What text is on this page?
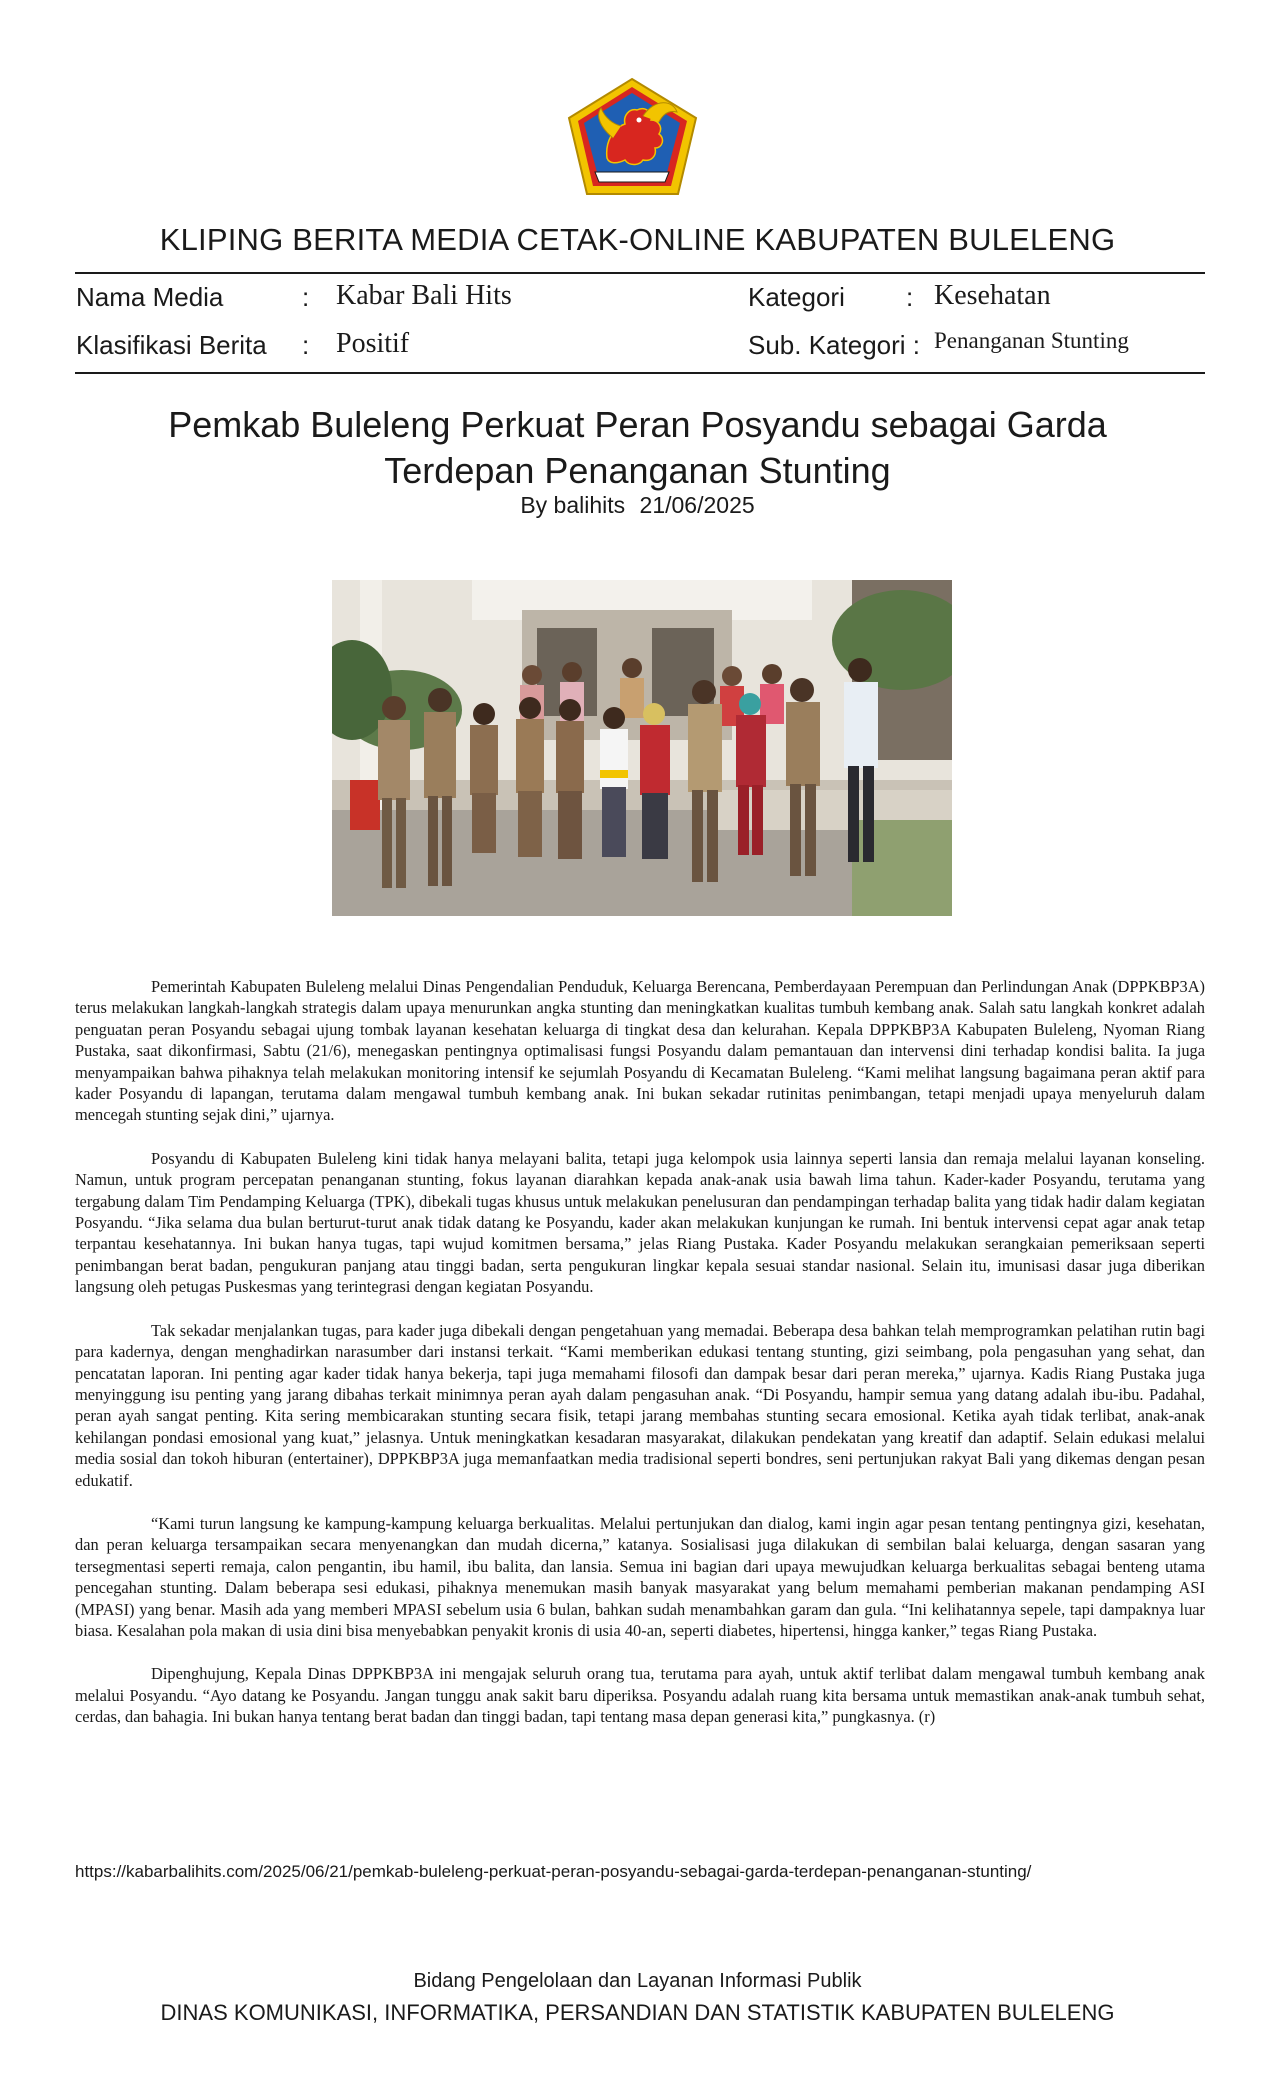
KLIPING BERITA MEDIA CETAK-ONLINE KABUPATEN BULELENG
Nama Media	: Kabar Bali Hits	Kategori : Kesehatan
Klasifikasi Berita : Positif	Sub. Kategori : Penanganan Stunting
Pemkab Buleleng Perkuat Peran Posyandu sebagai Garda Terdepan Penanganan Stunting
By balihits 21/06/2025

Pemerintah Kabupaten Buleleng melalui Dinas Pengendalian Penduduk, Keluarga Berencana, Pemberdayaan Perempuan dan Perlindungan Anak (DPPKBP3A) terus melakukan langkah-langkah strategis dalam upaya menurunkan angka stunting dan meningkatkan kualitas tumbuh kembang anak. Salah satu langkah konkret adalah penguatan peran Posyandu sebagai ujung tombak layanan kesehatan keluarga di tingkat desa dan kelurahan. Kepala DPPKBP3A Kabupaten Buleleng, Nyoman Riang Pustaka, saat dikonfirmasi, Sabtu (21/6), menegaskan pentingnya optimalisasi fungsi Posyandu dalam pemantauan dan intervensi dini terhadap kondisi balita. Ia juga menyampaikan bahwa pihaknya telah melakukan monitoring intensif ke sejumlah Posyandu di Kecamatan Buleleng. “Kami melihat langsung bagaimana peran aktif para kader Posyandu di lapangan, terutama dalam mengawal tumbuh kembang anak. Ini bukan sekadar rutinitas penimbangan, tetapi menjadi upaya menyeluruh dalam mencegah stunting sejak dini,” ujarnya.

Posyandu di Kabupaten Buleleng kini tidak hanya melayani balita, tetapi juga kelompok usia lainnya seperti lansia dan remaja melalui layanan konseling. Namun, untuk program percepatan penanganan stunting, fokus layanan diarahkan kepada anak-anak usia bawah lima tahun. Kader-kader Posyandu, terutama yang tergabung dalam Tim Pendamping Keluarga (TPK), dibekali tugas khusus untuk melakukan penelusuran dan pendampingan terhadap balita yang tidak hadir dalam kegiatan Posyandu. “Jika selama dua bulan berturut-turut anak tidak datang ke Posyandu, kader akan melakukan kunjungan ke rumah. Ini bentuk intervensi cepat agar anak tetap terpantau kesehatannya. Ini bukan hanya tugas, tapi wujud komitmen bersama,” jelas Riang Pustaka. Kader Posyandu melakukan serangkaian pemeriksaan seperti penimbangan berat badan, pengukuran panjang atau tinggi badan, serta pengukuran lingkar kepala sesuai standar nasional. Selain itu, imunisasi dasar juga diberikan langsung oleh petugas Puskesmas yang terintegrasi dengan kegiatan Posyandu.

Tak sekadar menjalankan tugas, para kader juga dibekali dengan pengetahuan yang memadai. Beberapa desa bahkan telah memprogramkan pelatihan rutin bagi para kadernya, dengan menghadirkan narasumber dari instansi terkait. “Kami memberikan edukasi tentang stunting, gizi seimbang, pola pengasuhan yang sehat, dan pencatatan laporan. Ini penting agar kader tidak hanya bekerja, tapi juga memahami filosofi dan dampak besar dari peran mereka,” ujarnya. Kadis Riang Pustaka juga menyinggung isu penting yang jarang dibahas terkait minimnya peran ayah dalam pengasuhan anak. “Di Posyandu, hampir semua yang datang adalah ibu-ibu. Padahal, peran ayah sangat penting. Kita sering membicarakan stunting secara fisik, tetapi jarang membahas stunting secara emosional. Ketika ayah tidak terlibat, anak-anak kehilangan pondasi emosional yang kuat,” jelasnya. Untuk meningkatkan kesadaran masyarakat, dilakukan pendekatan yang kreatif dan adaptif. Selain edukasi melalui media sosial dan tokoh hiburan (entertainer), DPPKBP3A juga memanfaatkan media tradisional seperti bondres, seni pertunjukan rakyat Bali yang dikemas dengan pesan edukatif.

“Kami turun langsung ke kampung-kampung keluarga berkualitas. Melalui pertunjukan dan dialog, kami ingin agar pesan tentang pentingnya gizi, kesehatan, dan peran keluarga tersampaikan secara menyenangkan dan mudah dicerna,” katanya. Sosialisasi juga dilakukan di sembilan balai keluarga, dengan sasaran yang tersegmentasi seperti remaja, calon pengantin, ibu hamil, ibu balita, dan lansia. Semua ini bagian dari upaya mewujudkan keluarga berkualitas sebagai benteng utama pencegahan stunting. Dalam beberapa sesi edukasi, pihaknya menemukan masih banyak masyarakat yang belum memahami pemberian makanan pendamping ASI (MPASI) yang benar. Masih ada yang memberi MPASI sebelum usia 6 bulan, bahkan sudah menambahkan garam dan gula. “Ini kelihatannya sepele, tapi dampaknya luar biasa. Kesalahan pola makan di usia dini bisa menyebabkan penyakit kronis di usia 40-an, seperti diabetes, hipertensi, hingga kanker,” tegas Riang Pustaka.

Dipenghujung, Kepala Dinas DPPKBP3A ini mengajak seluruh orang tua, terutama para ayah, untuk aktif terlibat dalam mengawal tumbuh kembang anak melalui Posyandu. “Ayo datang ke Posyandu. Jangan tunggu anak sakit baru diperiksa. Posyandu adalah ruang kita bersama untuk memastikan anak-anak tumbuh sehat, cerdas, dan bahagia. Ini bukan hanya tentang berat badan dan tinggi badan, tapi tentang masa depan generasi kita,” pungkasnya. (r)

https://kabarbalihits.com/2025/06/21/pemkab-buleleng-perkuat-peran-posyandu-sebagai-garda-terdepan-penanganan-stunting/
Bidang Pengelolaan dan Layanan Informasi Publik
DINAS KOMUNIKASI, INFORMATIKA, PERSANDIAN DAN STATISTIK KABUPATEN BULELENG
